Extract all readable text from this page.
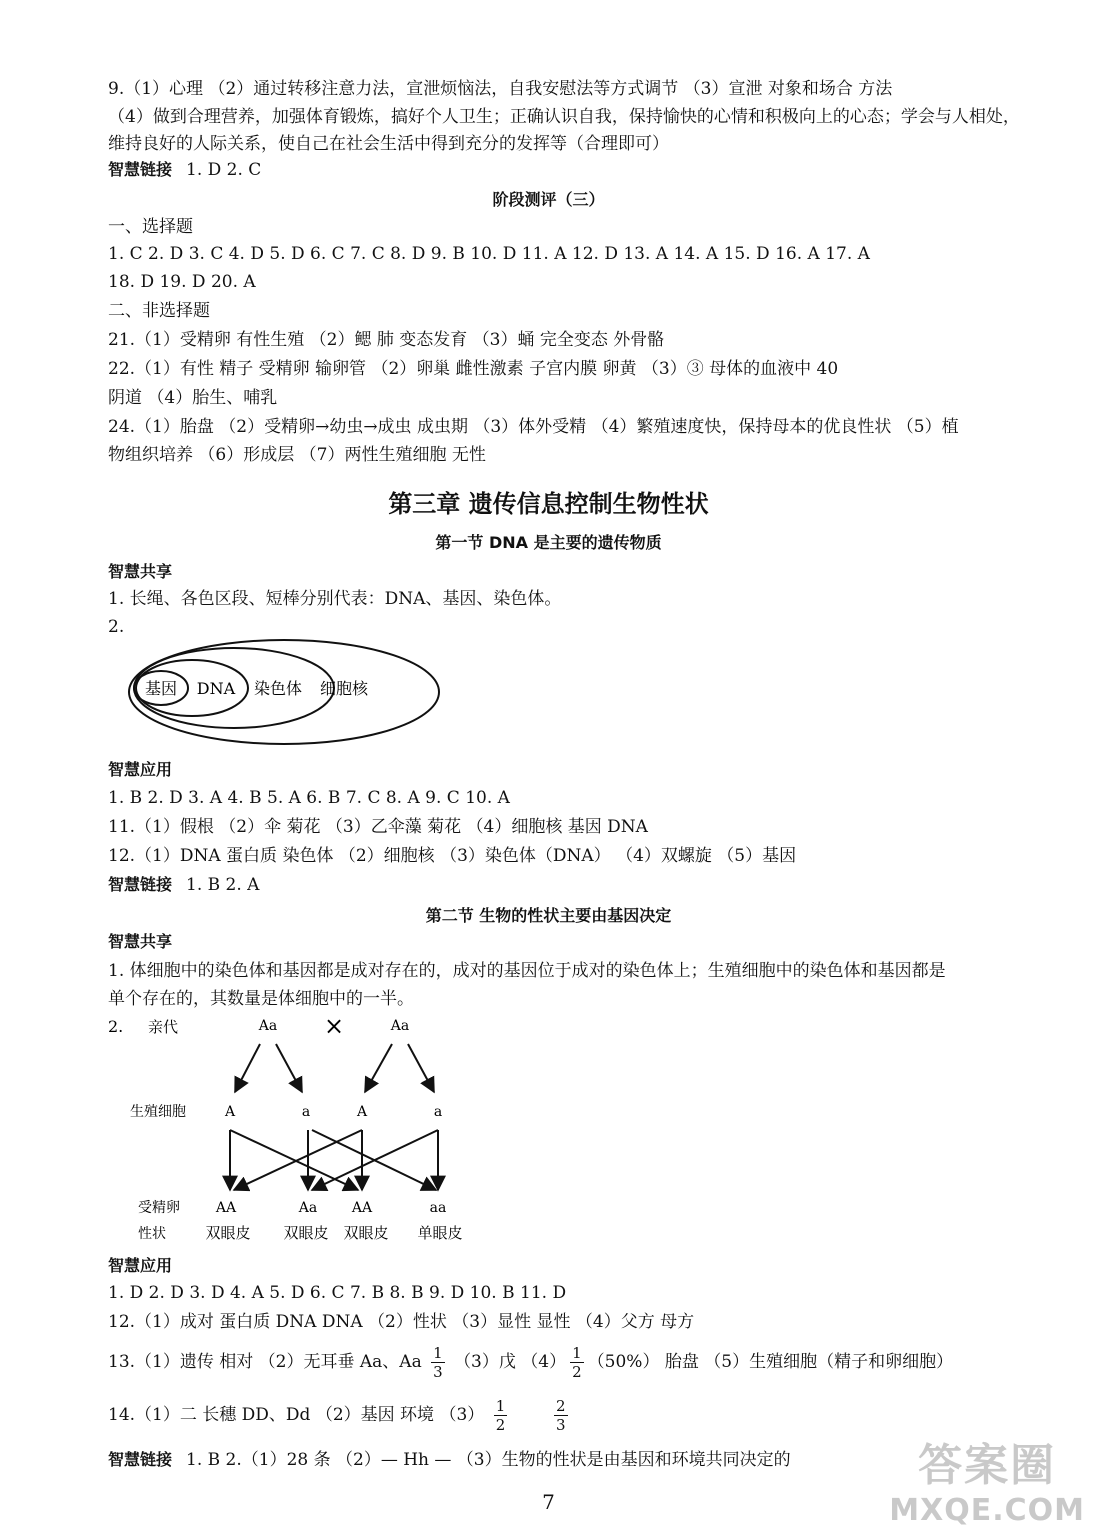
9.（1）心理 （2）通过转移注意力法，宣泄烦恼法，自我安慰法等方式调节 （3）宣泄 对象和场合 方法
（4）做到合理营养，加强体育锻炼，搞好个人卫生；正确认识自我，保持愉快的心情和积极向上的心态；学会与人相处，
维持良好的人际关系，使自己在社会生活中得到充分的发挥等（合理即可）
智慧链接 1. D 2. C
阶段测评（三）
一、选择题
1. C 2. D 3. C 4. D 5. D 6. C 7. C 8. D 9. B 10. D 11. A 12. D 13. A 14. A 15. D 16. A 17. A
18. D 19. D 20. A
二、非选择题
21.（1）受精卵 有性生殖 （2）鳃 肺 变态发育 （3）蛹 完全变态 外骨骼
22.（1）有性 精子 受精卵 输卵管 （2）卵巢 雌性激素 子宫内膜 卵黄 （3）③ 母体的血液中 40
阴道 （4）胎生、哺乳
24.（1）胎盘 （2）受精卵→幼虫→成虫 成虫期 （3）体外受精 （4）繁殖速度快，保持母本的优良性状 （5）植
物组织培养 （6）形成层 （7）两性生殖细胞 无性
第三章 遗传信息控制生物性状
第一节 DNA 是主要的遗传物质
智慧共享
1. 长绳、各色区段、短棒分别代表：DNA、基因、染色体。
2.
基因 DNA 染色体 细胞核
智慧应用
1. B 2. D 3. A 4. B 5. A 6. B 7. C 8. A 9. C 10. A
11.（1）假根 （2）伞 菊花 （3）乙伞藻 菊花 （4）细胞核 基因 DNA
12.（1）DNA 蛋白质 染色体 （2）细胞核 （3）染色体（DNA） （4）双螺旋 （5）基因
智慧链接 1. B 2. A
第二节 生物的性状主要由基因决定
智慧共享
1. 体细胞中的染色体和基因都是成对存在的，成对的基因位于成对的染色体上；生殖细胞中的染色体和基因都是
单个存在的，其数量是体细胞中的一半。
2. 亲代
生殖细胞
受精卵
性状
Aa ×	Aa
A	a	A	a
AA	Aa AA	aa
双眼皮 双眼皮 双眼皮 单眼皮
智慧应用
1. D 2. D 3. D 4. A 5. D 6. C 7. B 8. B 9. D 10. B 11. D
12.（1）成对 蛋白质 DNA DNA （2）性状 （3）显性 显性 （4）父方 母方
13.（1）遗传 相对 （2）无耳垂 Aa、Aa $\frac{1}{3} (3)$戊 $(4) \frac{1}{2} (50\%)$ 胎盘 （5）生殖细胞（精子和卵细胞）
14.（1）二 长穗 DD、Dd （2）基因 环境 $(3) \frac{1}{2}$
	$\frac{2}{3}$
智慧链接 1. B 2.（1）28 条 （2）— Hh — （3）生物的性状是由基因和环境共同决定的
7
答案圈
MXQE.COM
